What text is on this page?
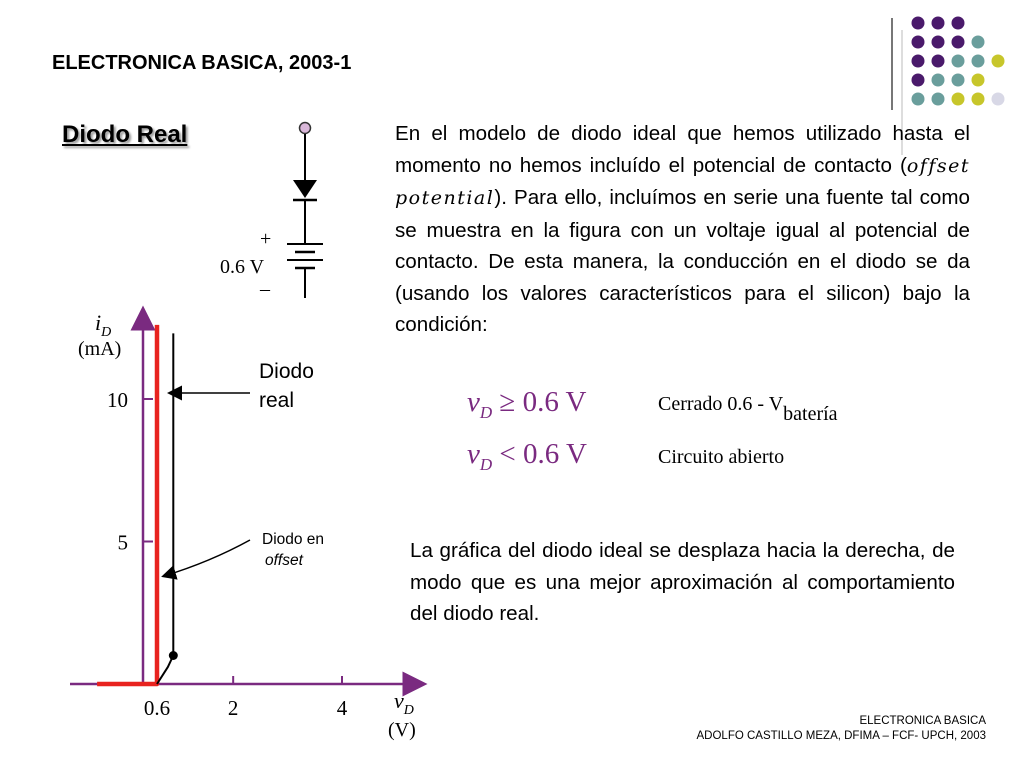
ELECTRONICA BASICA, 2003-1
Diodo Real
+
0.6 V
–
En el modelo de diodo ideal que hemos utilizado hasta el momento no hemos incluído el potencial de contacto (offset potential). Para ello, incluímos en serie una fuente tal como se muestra en la figura con un voltaje igual al potencial de contacto. De esta manera, la conducción en el diodo se da (usando los valores característicos para el silicon) bajo la condición:
$v_D \ge 0.6$ V	Cerrado $0.6 - V_{batería}$
$v_D < 0.6$ V	Circuito abierto
La gráfica del diodo ideal se desplaza hacia la derecha, de modo que es una mejor aproximación al comportamiento del diodo real.
0.6	2	4
5
10
$i_D$
(mA)
$v_D$
(V)
Diodo
real
Diodo en
offset
ELECTRONICA BASICA
ADOLFO CASTILLO MEZA, DFIMA – FCF- UPCH, 2003
